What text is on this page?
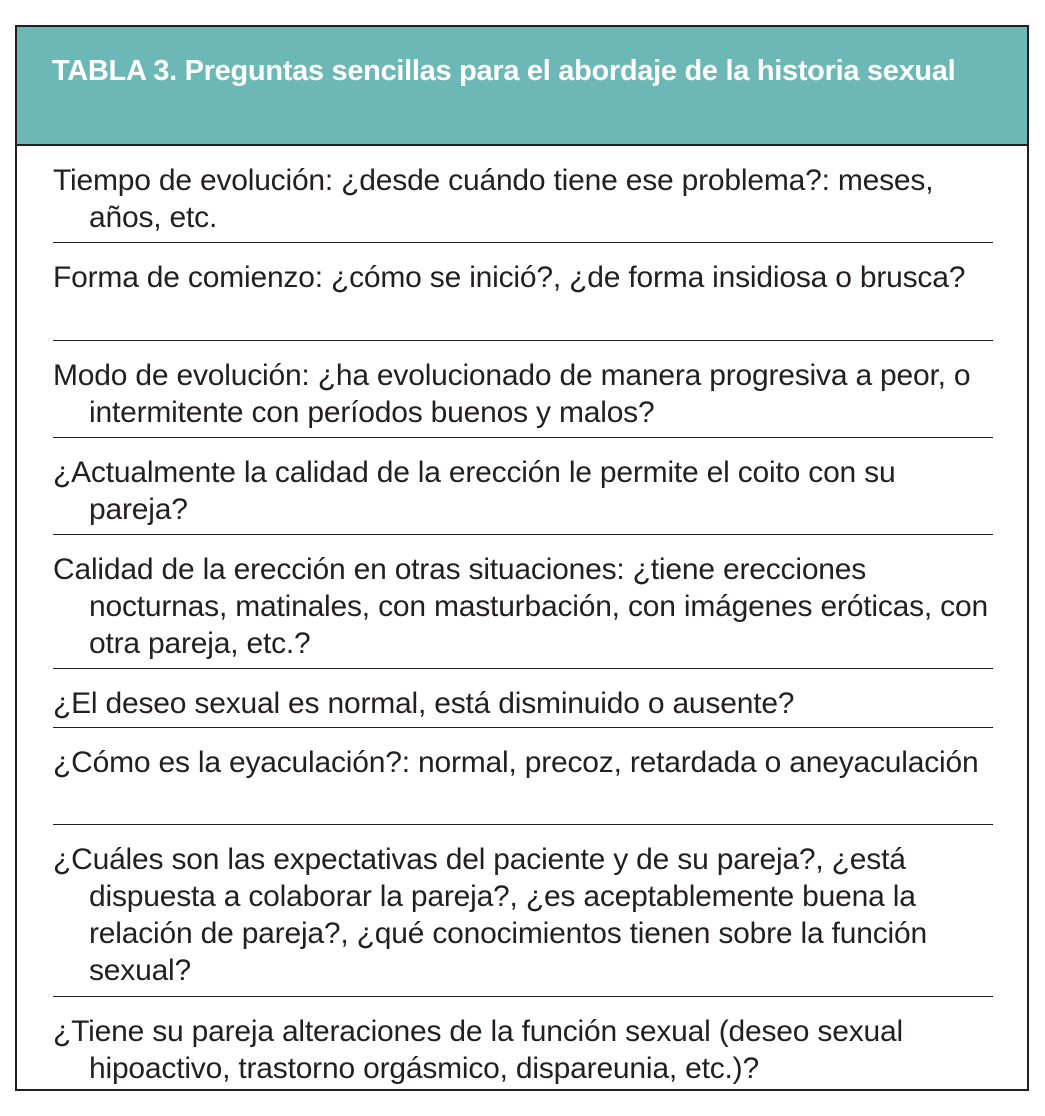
TABLA 3. Preguntas sencillas para el abordaje de la historia sexual

Tiempo de evolución: ¿desde cuándo tiene ese problema?: meses, años, etc.

Forma de comienzo: ¿cómo se inició?, ¿de forma insidiosa o brusca?

Modo de evolución: ¿ha evolucionado de manera progresiva a peor, o intermitente con períodos buenos y malos?

¿Actualmente la calidad de la erección le permite el coito con su pareja?

Calidad de la erección en otras situaciones: ¿tiene erecciones nocturnas, matinales, con masturbación, con imágenes eróticas, con otra pareja, etc.?

¿El deseo sexual es normal, está disminuido o ausente?

¿Cómo es la eyaculación?: normal, precoz, retardada o aneyaculación

¿Cuáles son las expectativas del paciente y de su pareja?, ¿está dispuesta a colaborar la pareja?, ¿es aceptablemente buena la relación de pareja?, ¿qué conocimientos tienen sobre la función sexual?

¿Tiene su pareja alteraciones de la función sexual (deseo sexual hipoactivo, trastorno orgásmico, dispareunia, etc.)?
